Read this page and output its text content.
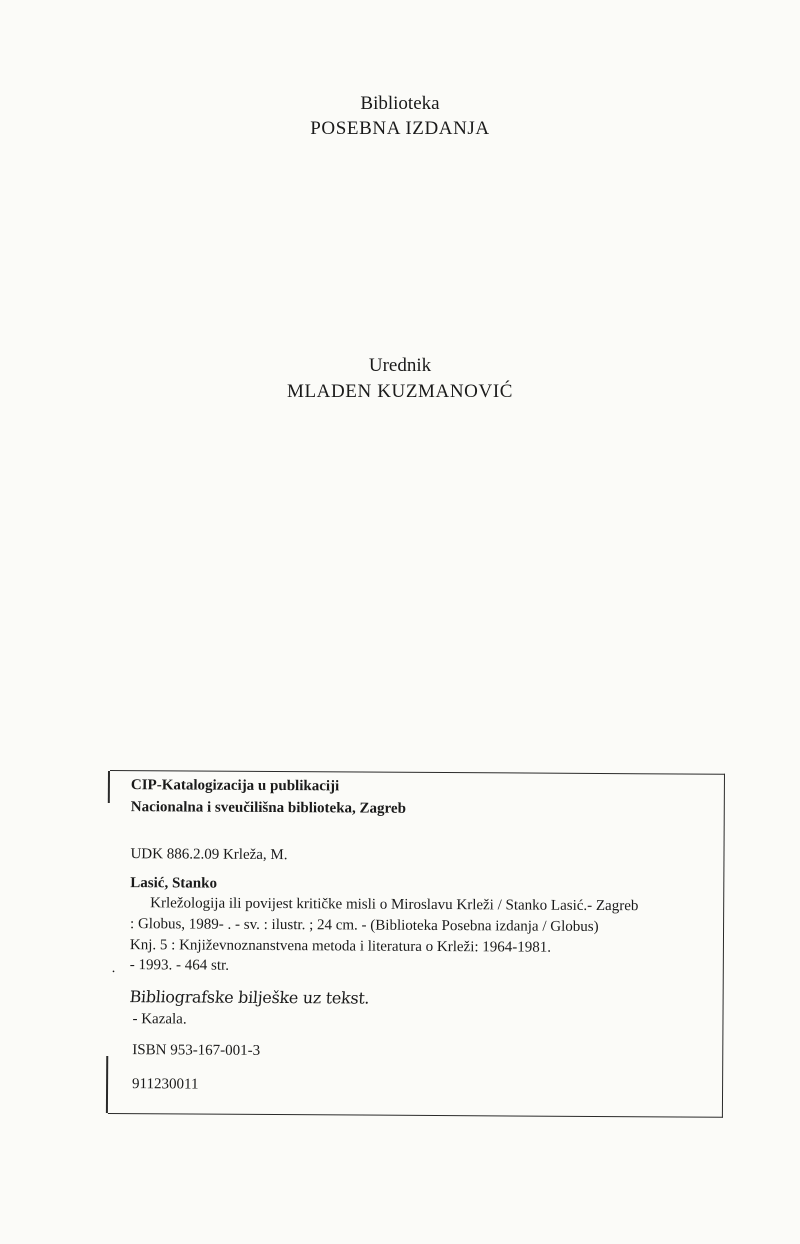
Biblioteka
POSEBNA IZDANJA
Urednik
MLADEN KUZMANOVIĆ
CIP-Katalogizacija u publikaciji
Nacionalna i sveučilišna biblioteka, Zagreb
UDK 886.2.09 Krleža, M.
Lasić, Stanko
Krležologija ili povijest kritičke misli o Miroslavu Krleži / Stanko Lasić.- Zagreb
: Globus, 1989- . - sv. : ilustr. ; 24 cm. - (Biblioteka Posebna izdanja / Globus)
Knj. 5 : Književnoznanstvena metoda i literatura o Krleži: 1964-1981.
. - 1993. - 464 str.
Bibliografske bilješke uz tekst.
- Kazala.
ISBN 953-167-001-3
911230011
